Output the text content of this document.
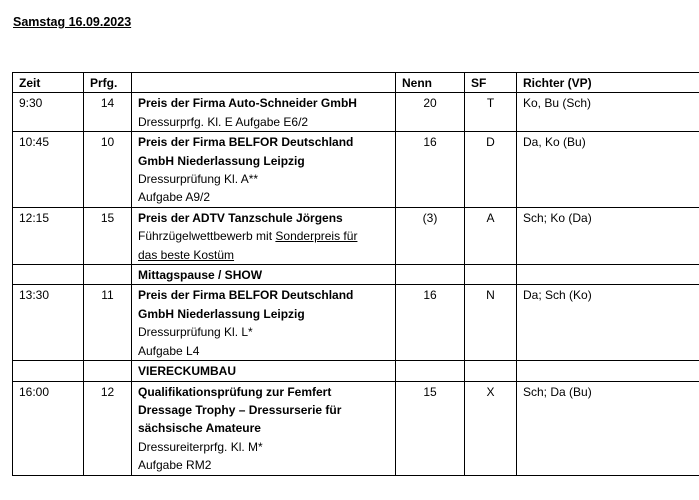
Samstag 16.09.2023
Zeit	Prfg.		Nenn	SF	Richter (VP)
9:30	14	Preis der Firma Auto-Schneider GmbH
Dressurprfg. Kl. E Aufgabe E6/2	20	T	Ko, Bu (Sch)
10:45	10	Preis der Firma BELFOR Deutschland
GmbH Niederlassung Leipzig
Dressurprüfung Kl. A**
Aufgabe A9/2	16	D	Da, Ko (Bu)
12:15	15	Preis der ADTV Tanzschule Jörgens
Führzügelwettbewerb mit Sonderpreis für
das beste Kostüm	(3)	A	Sch; Ko (Da)
		Mittagspause / SHOW			
13:30	11	Preis der Firma BELFOR Deutschland
GmbH Niederlassung Leipzig
Dressurprüfung Kl. L*
Aufgabe L4	16	N	Da; Sch (Ko)
		VIERECKUMBAU			
16:00	12	Qualifikationsprüfung zur Femfert
Dressage Trophy – Dressurserie für
sächsische Amateure
Dressureiterprfg. Kl. M*
Aufgabe RM2	15	X	Sch; Da (Bu)
